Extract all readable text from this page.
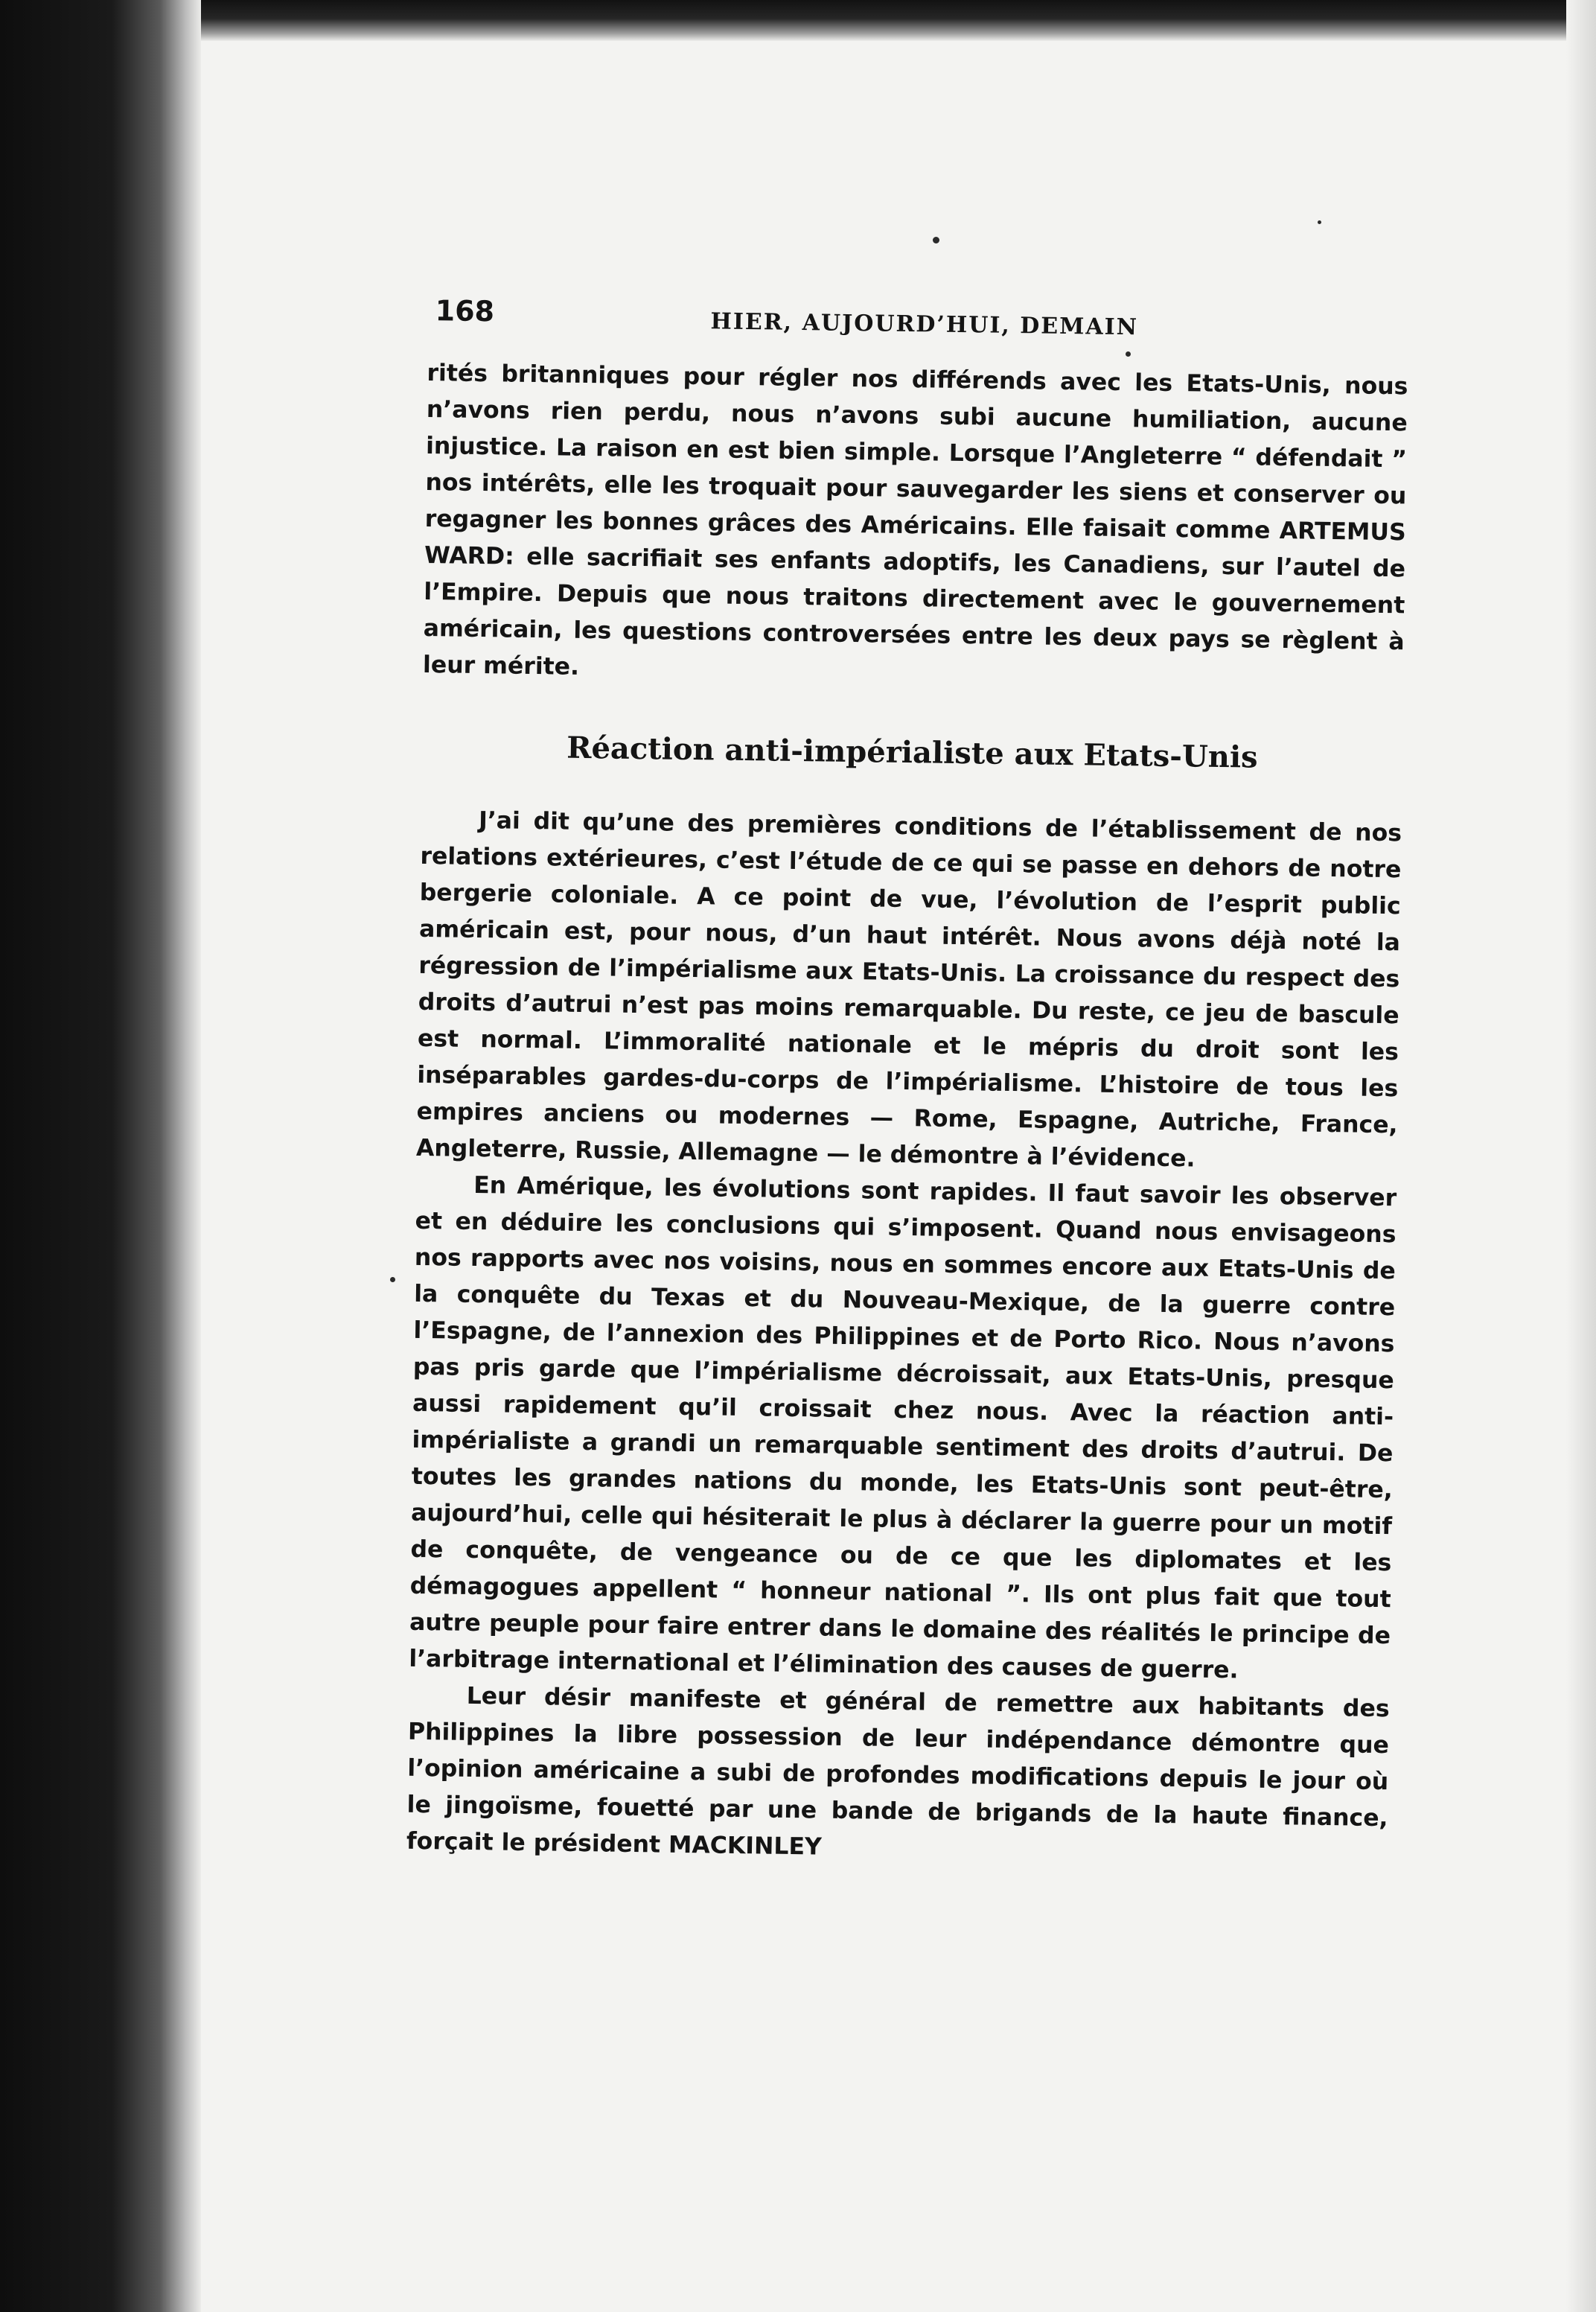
168	HIER, AUJOURD’HUI, DEMAIN

rités britanniques pour régler nos différends avec les Etats-Unis, nous n’avons rien perdu, nous n’avons subi aucune humiliation, aucune injustice. La raison en est bien simple. Lorsque l’Angleterre “ défendait ” nos intérêts, elle les troquait pour sauvegarder les siens et conserver ou regagner les bonnes grâces des Américains. Elle faisait comme ARTEMUS WARD: elle sacrifiait ses enfants adoptifs, les Canadiens, sur l’autel de l’Empire. Depuis que nous traitons directement avec le gouvernement américain, les questions controversées entre les deux pays se règlent à leur mérite.

Réaction anti-impérialiste aux Etats-Unis

J’ai dit qu’une des premières conditions de l’établissement de nos relations extérieures, c’est l’étude de ce qui se passe en dehors de notre bergerie coloniale. A ce point de vue, l’évolution de l’esprit public américain est, pour nous, d’un haut intérêt. Nous avons déjà noté la régression de l’impérialisme aux Etats-Unis. La croissance du respect des droits d’autrui n’est pas moins remarquable. Du reste, ce jeu de bascule est normal. L’immoralité nationale et le mépris du droit sont les inséparables gardes-du-corps de l’impérialisme. L’histoire de tous les empires anciens ou modernes — Rome, Espagne, Autriche, France, Angleterre, Russie, Allemagne — le démontre à l’évidence.

En Amérique, les évolutions sont rapides. Il faut savoir les observer et en déduire les conclusions qui s’imposent. Quand nous envisageons nos rapports avec nos voisins, nous en sommes encore aux Etats-Unis de la conquête du Texas et du Nouveau-Mexique, de la guerre contre l’Espagne, de l’annexion des Philippines et de Porto Rico. Nous n’avons pas pris garde que l’impérialisme décroissait, aux Etats-Unis, presque aussi rapidement qu’il croissait chez nous. Avec la réaction anti-impérialiste a grandi un remarquable sentiment des droits d’autrui. De toutes les grandes nations du monde, les Etats-Unis sont peut-être, aujourd’hui, celle qui hésiterait le plus à déclarer la guerre pour un motif de conquête, de vengeance ou de ce que les diplomates et les démagogues appellent “ honneur national ”. Ils ont plus fait que tout autre peuple pour faire entrer dans le domaine des réalités le principe de l’arbitrage international et l’élimination des causes de guerre.

Leur désir manifeste et général de remettre aux habitants des Philippines la libre possession de leur indépendance démontre que l’opinion américaine a subi de profondes modifications depuis le jour où le jingoïsme, fouetté par une bande de brigands de la haute finance, forçait le président MACKINLEY
